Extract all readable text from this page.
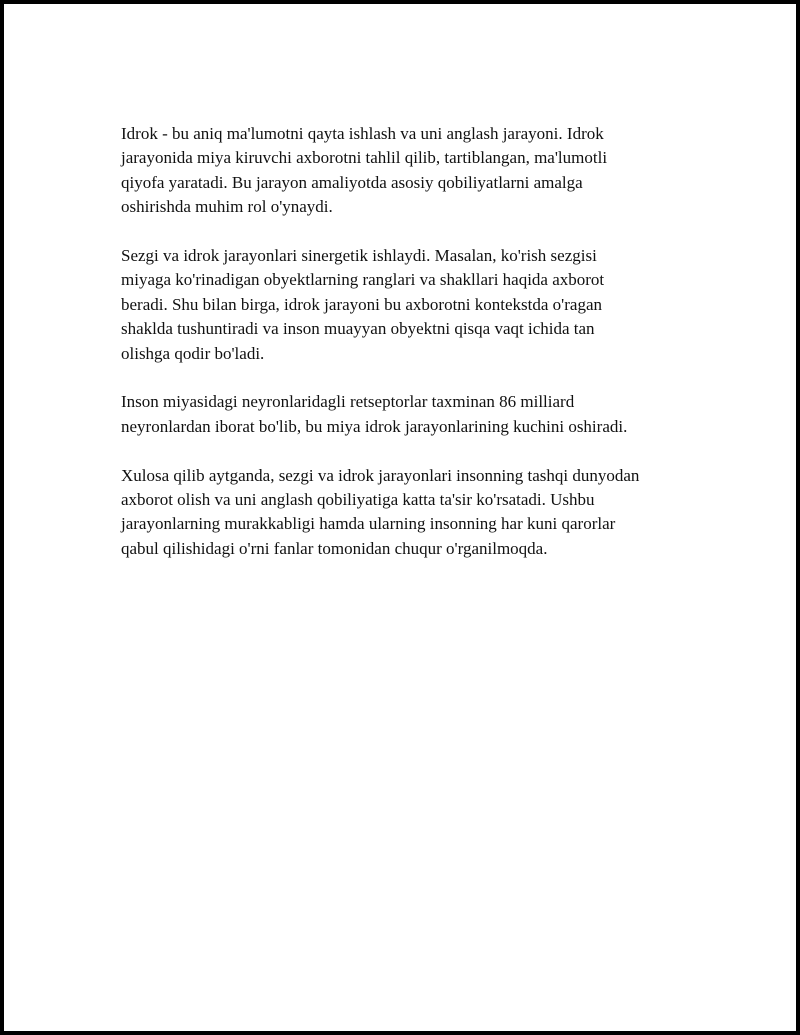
Idrok - bu aniq ma'lumotni qayta ishlash va uni anglash jarayoni. Idrok
jarayonida miya kiruvchi axborotni tahlil qilib, tartiblangan, ma'lumotli
qiyofa yaratadi. Bu jarayon amaliyotda asosiy qobiliyatlarni amalga
oshirishda muhim rol o'ynaydi.

Sezgi va idrok jarayonlari sinergetik ishlaydi. Masalan, ko'rish sezgisi
miyaga ko'rinadigan obyektlarning ranglari va shakllari haqida axborot
beradi. Shu bilan birga, idrok jarayoni bu axborotni kontekstda o'ragan
shaklda tushuntiradi va inson muayyan obyektni qisqa vaqt ichida tan
olishga qodir bo'ladi.

Inson miyasidagi neyronlaridagli retseptorlar taxminan 86 milliard
neyronlardan iborat bo'lib, bu miya idrok jarayonlarining kuchini oshiradi.

Xulosa qilib aytganda, sezgi va idrok jarayonlari insonning tashqi dunyodan
axborot olish va uni anglash qobiliyatiga katta ta'sir ko'rsatadi. Ushbu
jarayonlarning murakkabligi hamda ularning insonning har kuni qarorlar
qabul qilishidagi o'rni fanlar tomonidan chuqur o'rganilmoqda.
